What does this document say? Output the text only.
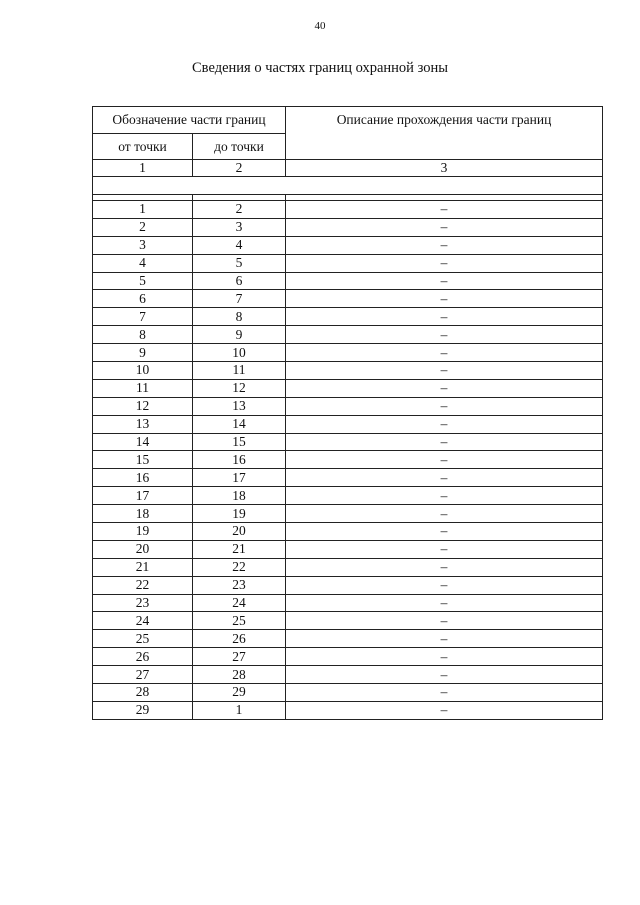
40
Сведения о частях границ охранной зоны
Обозначение части границ		Описание прохождения части границ
от точки	до точки	
1	2	3

1	2	–
2	3	–
3	4	–
4	5	–
5	6	–
6	7	–
7	8	–
8	9	–
9	10	–
10	11	–
11	12	–
12	13	–
13	14	–
14	15	–
15	16	–
16	17	–
17	18	–
18	19	–
19	20	–
20	21	–
21	22	–
22	23	–
23	24	–
24	25	–
25	26	–
26	27	–
27	28	–
28	29	–
29	1	–
